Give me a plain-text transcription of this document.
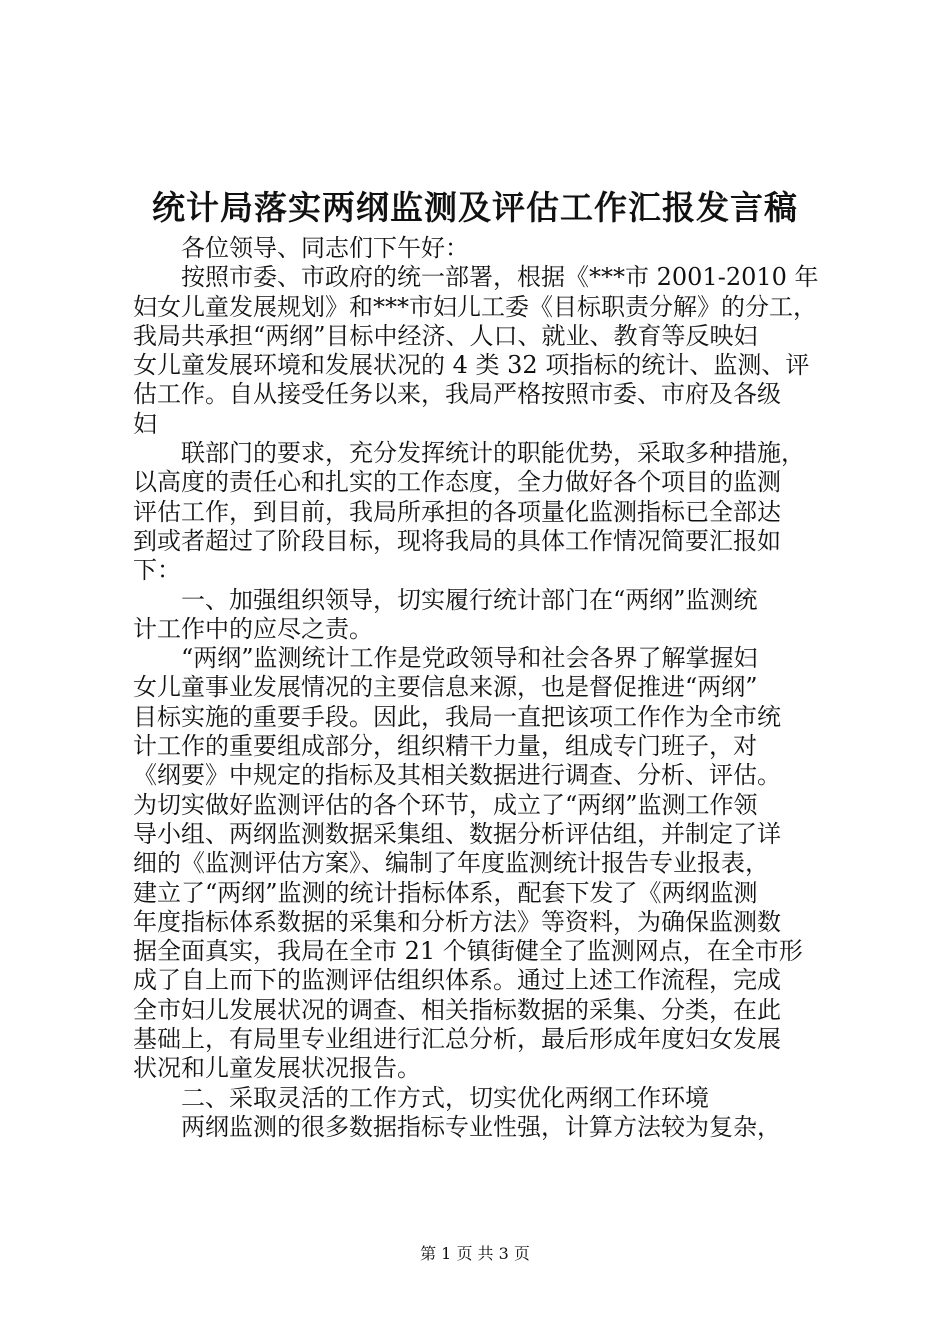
统计局落实两纲监测及评估工作汇报发言稿
　　各位领导、同志们下午好：
　　按照市委、市政府的统一部署，根据《***市 2001-2010 年
妇女儿童发展规划》和***市妇儿工委《目标职责分解》的分工，
我局共承担“两纲”目标中经济、人口、就业、教育等反映妇
女儿童发展环境和发展状况的 4 类 32 项指标的统计、监测、评
估工作。自从接受任务以来，我局严格按照市委、市府及各级
妇
　　联部门的要求，充分发挥统计的职能优势，采取多种措施，
以高度的责任心和扎实的工作态度，全力做好各个项目的监测
评估工作，到目前，我局所承担的各项量化监测指标已全部达
到或者超过了阶段目标，现将我局的具体工作情况简要汇报如
下：
　　一、加强组织领导，切实履行统计部门在“两纲”监测统
计工作中的应尽之责。
　　“两纲”监测统计工作是党政领导和社会各界了解掌握妇
女儿童事业发展情况的主要信息来源，也是督促推进“两纲”
目标实施的重要手段。因此，我局一直把该项工作作为全市统
计工作的重要组成部分，组织精干力量，组成专门班子，对
《纲要》中规定的指标及其相关数据进行调查、分析、评估。
为切实做好监测评估的各个环节，成立了“两纲”监测工作领
导小组、两纲监测数据采集组、数据分析评估组，并制定了详
细的《监测评估方案》、编制了年度监测统计报告专业报表，
建立了“两纲”监测的统计指标体系，配套下发了《两纲监测
年度指标体系数据的采集和分析方法》等资料，为确保监测数
据全面真实，我局在全市 21 个镇街健全了监测网点，在全市形
成了自上而下的监测评估组织体系。通过上述工作流程，完成
全市妇儿发展状况的调查、相关指标数据的采集、分类，在此
基础上，有局里专业组进行汇总分析，最后形成年度妇女发展
状况和儿童发展状况报告。
　　二、采取灵活的工作方式，切实优化两纲工作环境
　　两纲监测的很多数据指标专业性强，计算方法较为复杂，
第 1 页 共 3 页
